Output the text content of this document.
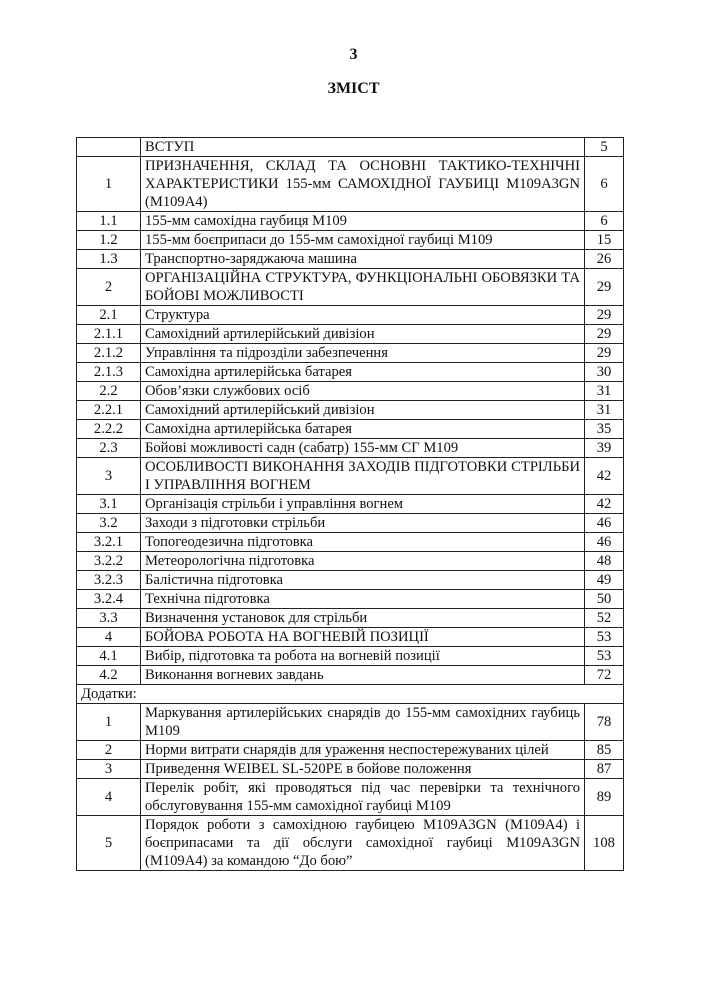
3
ЗМІСТ
	ВСТУП	5
1	ПРИЗНАЧЕННЯ, СКЛАД ТА ОСНОВНІ ТАКТИКО-ТЕХНІЧНІ ХАРАКТЕРИСТИКИ 155-мм САМОХІДНОЇ ГАУБИЦІ M109A3GN (M109A4)	6
1.1	155-мм самохідна гаубиця M109	6
1.2	155-мм боєприпаси до 155-мм самохідної гаубиці M109	15
1.3	Транспортно-заряджаюча машина	26
2	ОРГАНІЗАЦІЙНА СТРУКТУРА, ФУНКЦІОНАЛЬНІ ОБОВЯЗКИ ТА БОЙОВІ МОЖЛИВОСТІ	29
2.1	Структура	29
2.1.1	Самохідний артилерійський дивізіон	29
2.1.2	Управління та підрозділи забезпечення	29
2.1.3	Самохідна артилерійська батарея	30
2.2	Обов’язки службових осіб	31
2.2.1	Самохідний артилерійський дивізіон	31
2.2.2	Самохідна артилерійська батарея	35
2.3	Бойові можливості садн (сабатр) 155-мм СГ M109	39
3	ОСОБЛИВОСТІ ВИКОНАННЯ ЗАХОДІВ ПІДГОТОВКИ СТРІЛЬБИ І УПРАВЛІННЯ ВОГНЕМ	42
3.1	Організація стрільби і управління вогнем	42
3.2	Заходи з підготовки стрільби	46
3.2.1	Топогеодезична підготовка	46
3.2.2	Метеорологічна підготовка	48
3.2.3	Балістична підготовка	49
3.2.4	Технічна підготовка	50
3.3	Визначення установок для стрільби	52
4	БОЙОВА РОБОТА НА ВОГНЕВІЙ ПОЗИЦІЇ	53
4.1	Вибір, підготовка та робота на вогневій позиції	53
4.2	Виконання вогневих завдань	72
Додатки:		
1	Маркування артилерійських снарядів до 155-мм самохідних гаубиць M109	78
2	Норми витрати снарядів для ураження неспостережуваних цілей	85
3	Приведення WEIBEL SL-520PE в бойове положення	87
4	Перелік робіт, які проводяться під час перевірки та технічного обслуговування 155-мм самохідної гаубиці M109	89
5	Порядок роботи з самохідною гаубицею M109A3GN (M109A4) і боєприпасами та дії обслуги самохідної гаубиці M109A3GN (M109A4) за командою “До бою”	108
